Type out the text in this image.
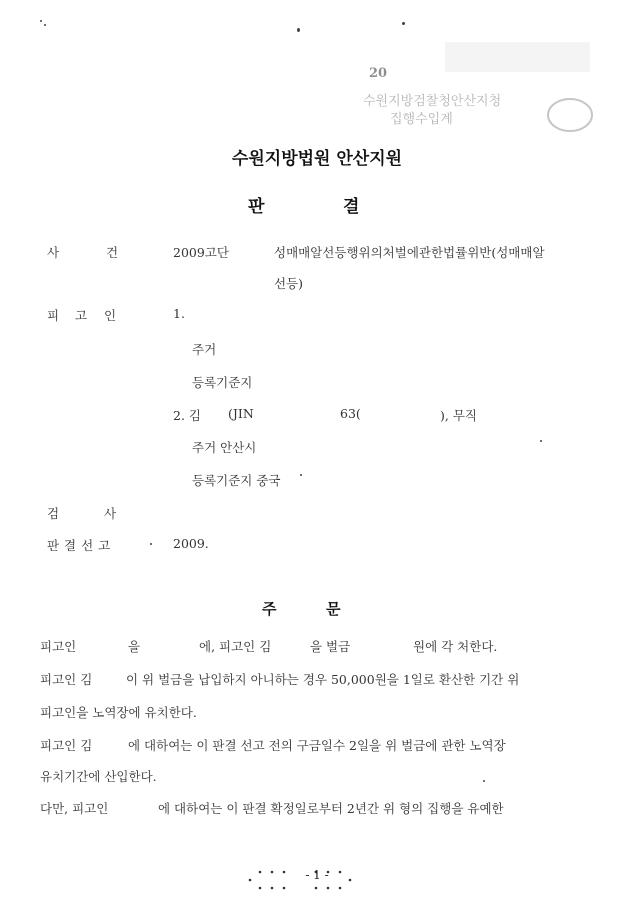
20
수원지방검찰청안산지청
집행수입계
수원지방법원 안산지원
판	결
사	건	2009고단	성매매알선등행위의처벌에관한법률위반(성매매알
선등)
피 고 인	1.
주거
등록기준지
2. 김 (JIN	63(	), 무직
주거 안산시
등록기준지 중국
검	사
판 결 선 고	2009.
주	문
피고인	을	에, 피고인 김	을 벌금	원에 각 처한다.
피고인 김	이 위 벌금을 납입하지 아니하는 경우 50,000원을 1일로 환산한 기간 위
피고인을 노역장에 유치한다.
피고인 김	에 대하여는 이 판결 선고 전의 구금일수 2일을 위 벌금에 관한 노역장
유치기간에 산입한다.
다만, 피고인	에 대하여는 이 판결 확정일로부터 2년간 위 형의 집행을 유예한
- 1 -
